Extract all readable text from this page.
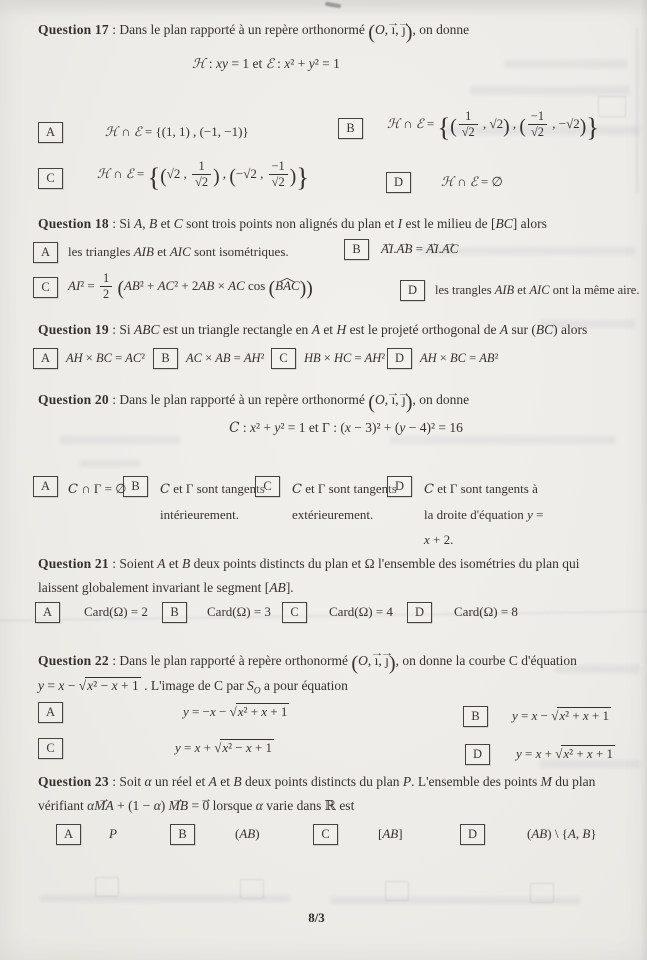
Question 17 : Dans le plan rapporté à un repère orthonormé (O, ı →, ȷ →), on donne
ℋ : xy = 1 et ℰ : x² + y² = 1
A	ℋ ∩ ℰ = {(1, 1) , (−1, −1)}	B	ℋ ∩ ℰ = {( $\frac{1}{√2}$ , √2) , ( $\frac{-1}{√2}$ , −√2)}
C	ℋ ∩ ℰ = {(√2 , $\frac{1}{√2}$ ) , (−√2 , $\frac{-1}{√2}$ )}	D	ℋ ∩ ℰ = ∅
Question 18 : Si A, B et C sont trois points non alignés du plan et I est le milieu de [BC] alors
A	les triangles AIB et AIC sont isométriques.	B	AI →.AB → = AI →.AC →
C	$AI^2 = \frac{1}{2} (AB^2 + AC^2 + 2AB$ × AC cos (BAC ^))	D	les trangles AIB et AIC ont la même aire.
Question 19 : Si ABC est un triangle rectangle en A et H est le projeté orthogonal de A sur (BC) alors
A	AH × BC = AC²	B	AC × AB = AH²	C	HB × HC = AH² D	AH × BC = AB²
Question 20 : Dans le plan rapporté à un repère orthonormé (O, ı →, ȷ →), on donne
C : x² + y² = 1 et Γ : (x − 3)² + (y − 4)² = 16
A	C ∩ Γ = ∅ B	C et Γ sont tangents intérieurement.
C	C et Γ sont tangents extérieurement.
D	C et Γ sont tangents à la droite d'équation y = x + 2.
Question 21 : Soient A et B deux points distincts du plan et Ω l'ensemble des isométries du plan qui
laissent globalement invariant le segment [AB].
A	Card(Ω) = 2	B	Card(Ω) = 3	C	Card(Ω) = 4	D	Card(Ω) = 8
Question 22 : Dans le plan rapporté à repère orthonormé (O, ı →, ȷ →), on donne la courbe C d'équation
y = x − √x² − x + 1 . L'image de C par $S_O$ a pour équation
A	y = −x − √x² + x + 1	B	y = x − √x² + x + 1
C	y = x + √x² − x + 1	D	y = x + √x² + x + 1
Question 23 : Soit α un réel et A et B deux points distincts du plan P. L'ensemble des points M du plan
vérifiant αMA → + (1 − α) MB → = 0 → lorsque α varie dans ℝ est
A	P	B	(AB)	C	[AB]	D	(AB) \ {A, B}
8/3
